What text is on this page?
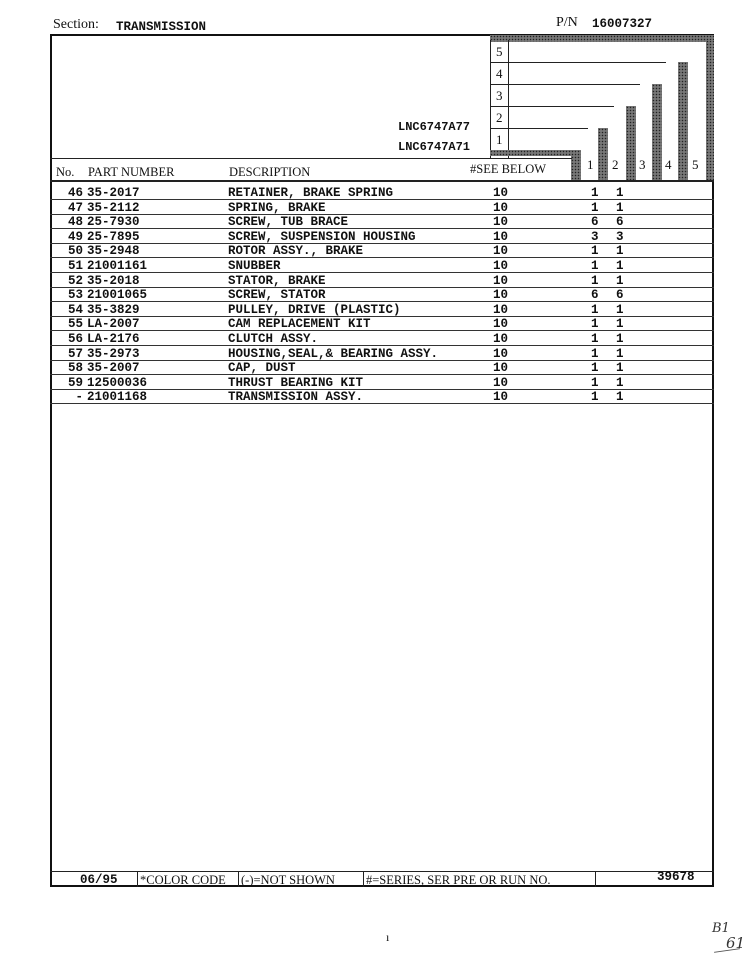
Section: TRANSMISSION	P/N 16007327
5
4
3
2
1
LNC6747A77
LNC6747A71
No. PART NUMBER	DESCRIPTION	#SEE BELOW	1 2 3 4 5
46 35-2017	RETAINER, BRAKE SPRING	10	1 1
47 35-2112	SPRING, BRAKE	10	1 1
48 25-7930	SCREW, TUB BRACE	10	6 6
49 25-7895	SCREW, SUSPENSION HOUSING	10	3 3
50 35-2948	ROTOR ASSY., BRAKE	10	1 1
51 21001161	SNUBBER	10	1 1
52 35-2018	STATOR, BRAKE	10	1 1
53 21001065	SCREW, STATOR	10	6 6
54 35-3829	PULLEY, DRIVE (PLASTIC)	10	1 1
55 LA-2007	CAM REPLACEMENT KIT	10	1 1
56 LA-2176	CLUTCH ASSY.	10	1 1
57 35-2973	HOUSING,SEAL,& BEARING ASSY.	10	1 1
58 35-2007	CAP, DUST	10	1 1
59 12500036	THRUST BEARING KIT	10	1 1
- 21001168	TRANSMISSION ASSY.	10	1 1
06/95 *COLOR CODE (-)=NOT SHOWN #=SERIES, SER PRE OR RUN NO.	39678
ı
B1
61
